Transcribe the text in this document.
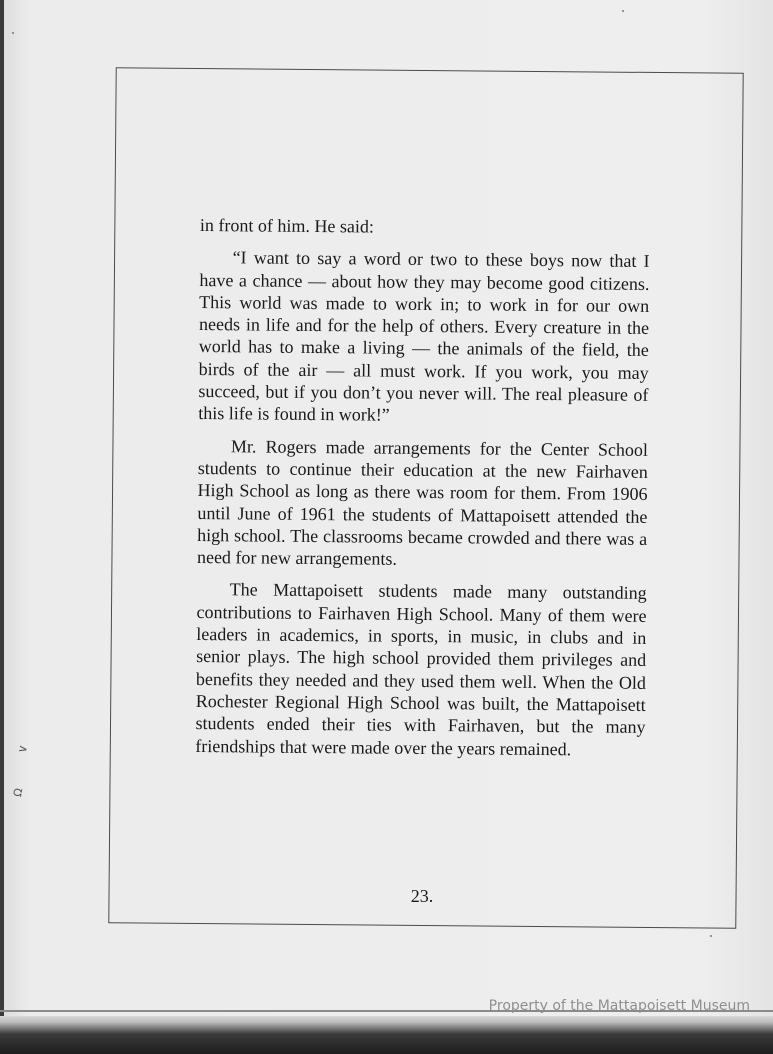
∨
Ω

in front of him. He said:

“I want to say a word or two to these boys now that I have a chance — about how they may become good citizens. This world was made to work in; to work in for our own needs in life and for the help of others. Every creature in the world has to make a living — the animals of the field, the birds of the air — all must work. If you work, you may succeed, but if you don’t you never will. The real pleasure of this life is found in work!”

Mr. Rogers made arrangements for the Center School students to continue their education at the new Fairhaven High School as long as there was room for them. From 1906 until June of 1961 the students of Mattapoisett attended the high school. The classrooms became crowded and there was a need for new arrangements.

The Mattapoisett students made many outstanding contributions to Fairhaven High School. Many of them were leaders in academics, in sports, in music, in clubs and in senior plays. The high school provided them privileges and benefits they needed and they used them well. When the Old Rochester Regional High School was built, the Mattapoisett students ended their ties with Fairhaven, but the many friendships that were made over the years remained.

23.
Property of the Mattapoisett Museum
